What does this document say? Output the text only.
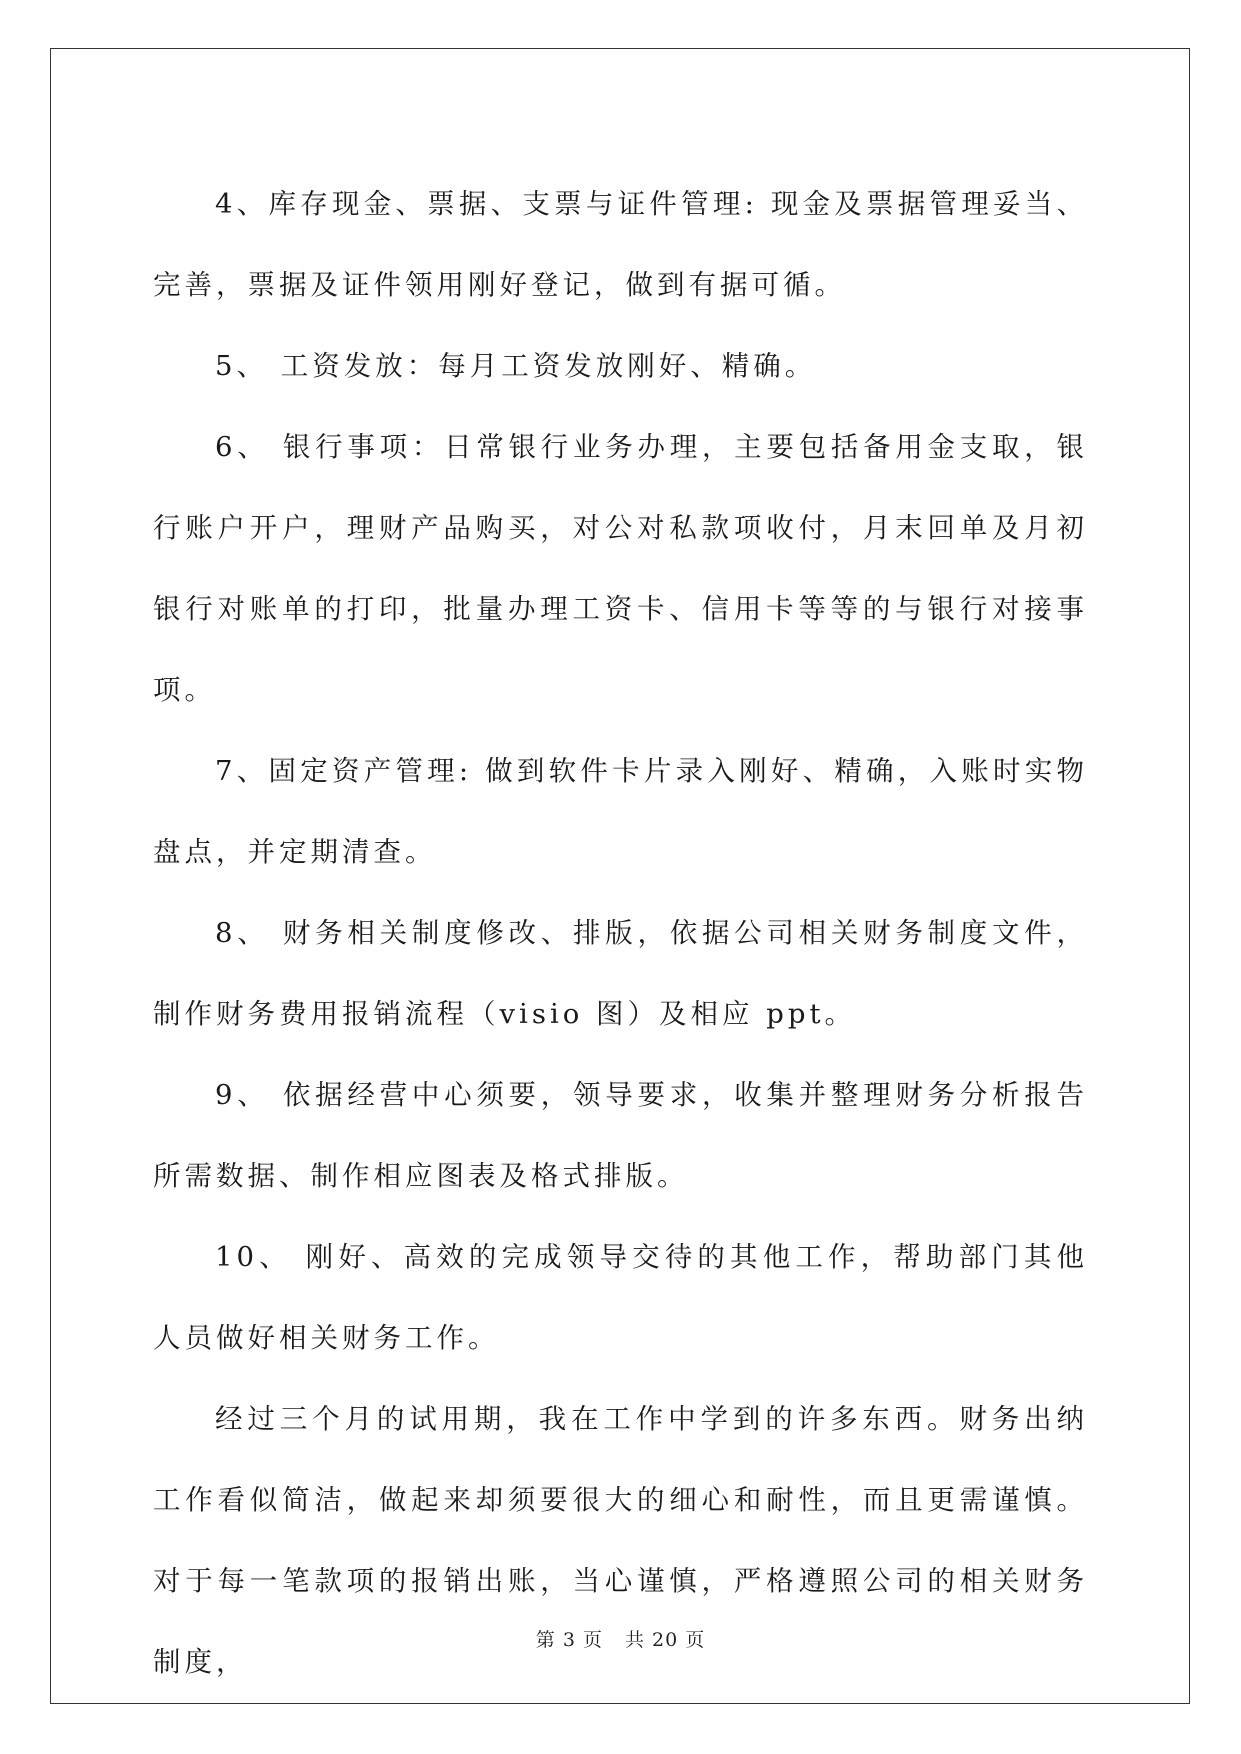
4、库存现金、票据、支票与证件管理: 现金及票据管理妥当、完善，票据及证件领用刚好登记，做到有据可循。

5、 工资发放：每月工资发放刚好、精确。

6、 银行事项：日常银行业务办理，主要包括备用金支取，银行账户开户，理财产品购买，对公对私款项收付，月末回单及月初银行对账单的打印，批量办理工资卡、信用卡等等的与银行对接事项。

7、固定资产管理: 做到软件卡片录入刚好、精确，入账时实物盘点，并定期清查。

8、 财务相关制度修改、排版，依据公司相关财务制度文件，制作财务费用报销流程（visio 图）及相应 ppt。

9、 依据经营中心须要，领导要求，收集并整理财务分析报告所需数据、制作相应图表及格式排版。

10、 刚好、高效的完成领导交待的其他工作，帮助部门其他人员做好相关财务工作。

经过三个月的试用期，我在工作中学到的许多东西。财务出纳工作看似简洁，做起来却须要很大的细心和耐性，而且更需谨慎。对于每一笔款项的报销出账，当心谨慎，严格遵照公司的相关财务制度，

第 3 页 共 20 页
